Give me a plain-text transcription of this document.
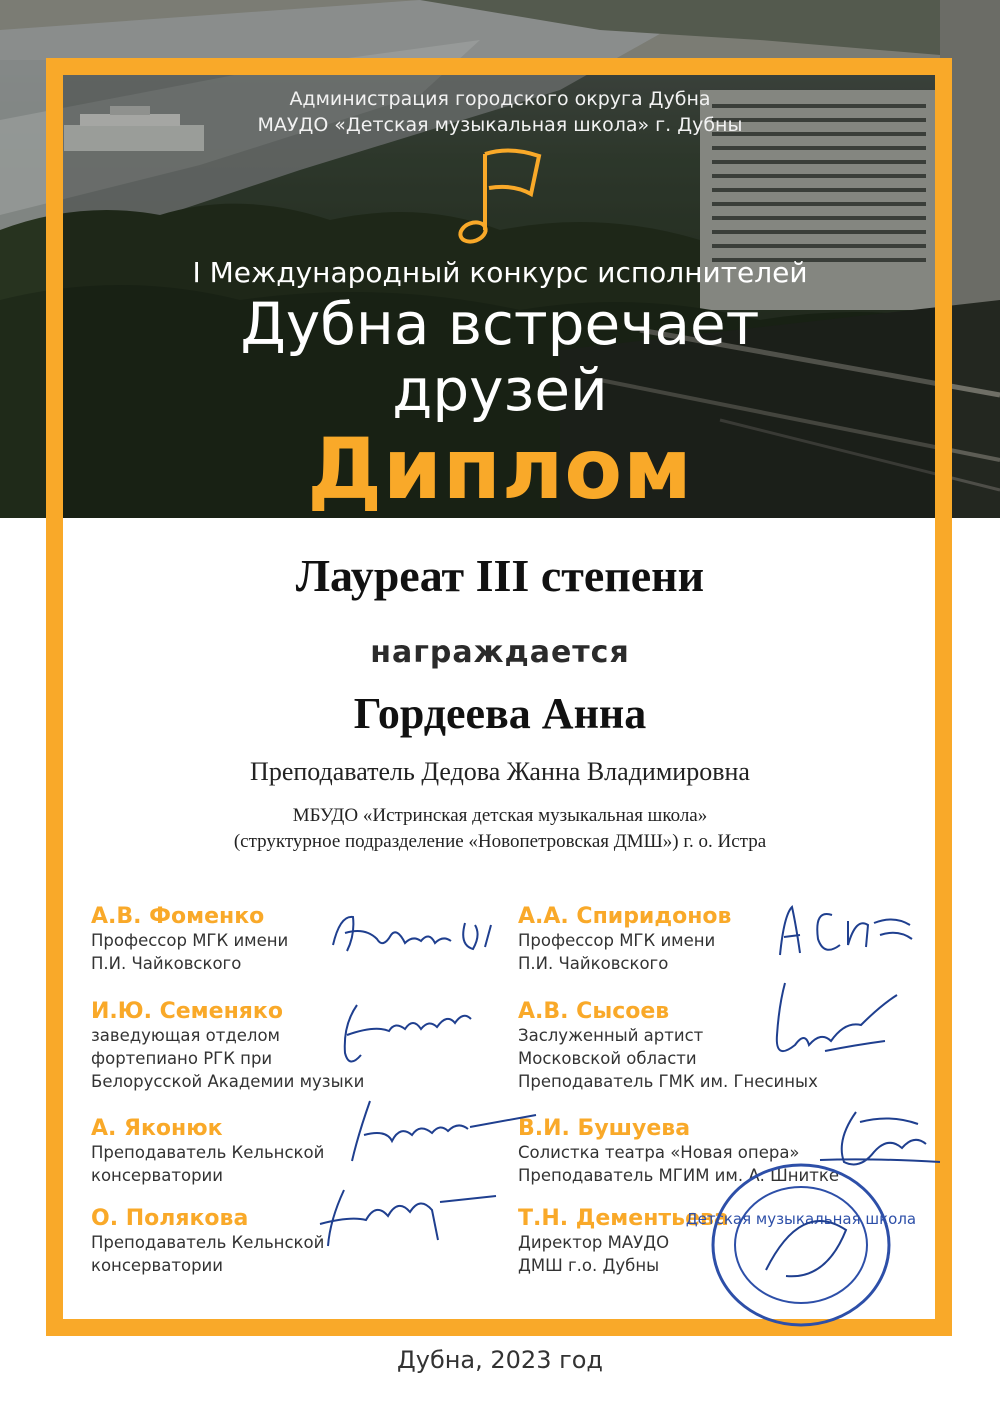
Администрация городского округа Дубна
МАУДО «Детская музыкальная школа» г. Дубны
I Международный конкурс исполнителей
Дубна встречает
друзей
Диплом
Лауреат III степени
награждается
Гордеева Анна
Преподаватель Дедова Жанна Владимировна
МБУДО «Истринская детская музыкальная школа»
(структурное подразделение «Новопетровская ДМШ») г. о. Истра
А.В. Фоменко
Профессор МГК имени
П.И. Чайковского
И.Ю. Семеняко
заведующая отделом
фортепиано РГК при
Белорусской Академии музыки
А. Яконюк
Преподаватель Кельнской
консерватории
О. Полякова
Преподаватель Кельнской
консерватории
А.А. Спиридонов
Профессор МГК имени
П.И. Чайковского
А.В. Сысоев
Заслуженный артист
Московской области
Преподаватель ГМК им. Гнесиных
В.И. Бушуева
Солистка театра «Новая опера»
Преподаватель МГИМ им. А. Шнитке
Т.Н. Дементьева
Директор МАУДО
ДМШ г.о. Дубны
Детская музыкальная школа
Дубна, 2023 год
